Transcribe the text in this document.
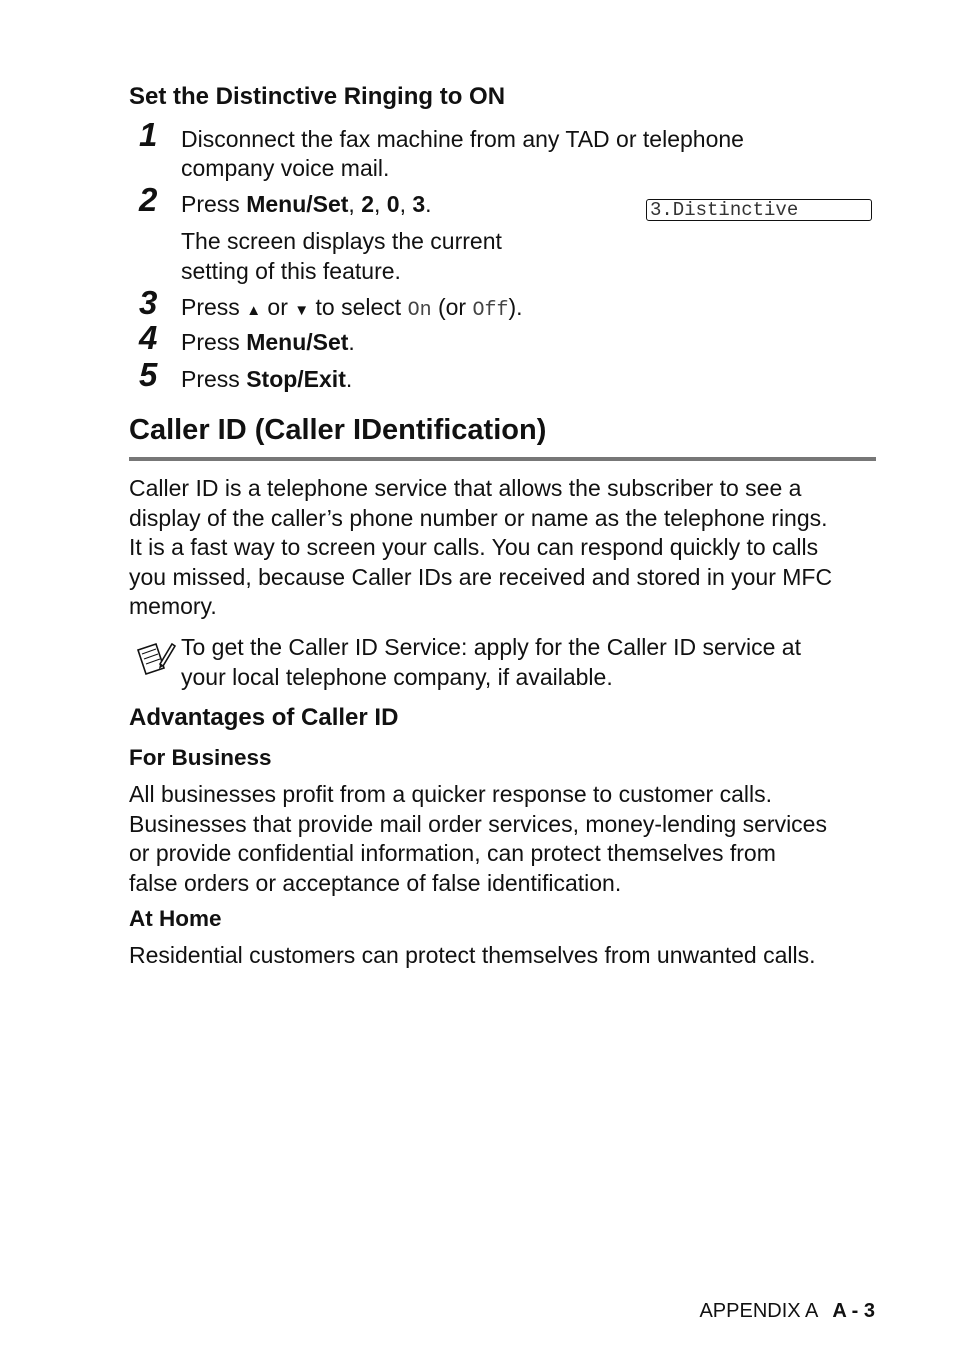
Set the Distinctive Ringing to ON
1 Disconnect the fax machine from any TAD or telephone
company voice mail.
2 Press Menu/Set, 2, 0, 3.
The screen displays the current
setting of this feature.
3.Distinctive
3 Press ▲ or ▼ to select On (or Off).
4 Press Menu/Set.
5 Press Stop/Exit.
Caller ID (Caller IDentification)
Caller ID is a telephone service that allows the subscriber to see a
display of the caller’s phone number or name as the telephone rings.
It is a fast way to screen your calls. You can respond quickly to calls
you missed, because Caller IDs are received and stored in your MFC
memory.
To get the Caller ID Service: apply for the Caller ID service at
your local telephone company, if available.
Advantages of Caller ID
For Business
All businesses profit from a quicker response to customer calls.
Businesses that provide mail order services, money-lending services
or provide confidential information, can protect themselves from
false orders or acceptance of false identification.
At Home
Residential customers can protect themselves from unwanted calls.
APPENDIX A A - 3
